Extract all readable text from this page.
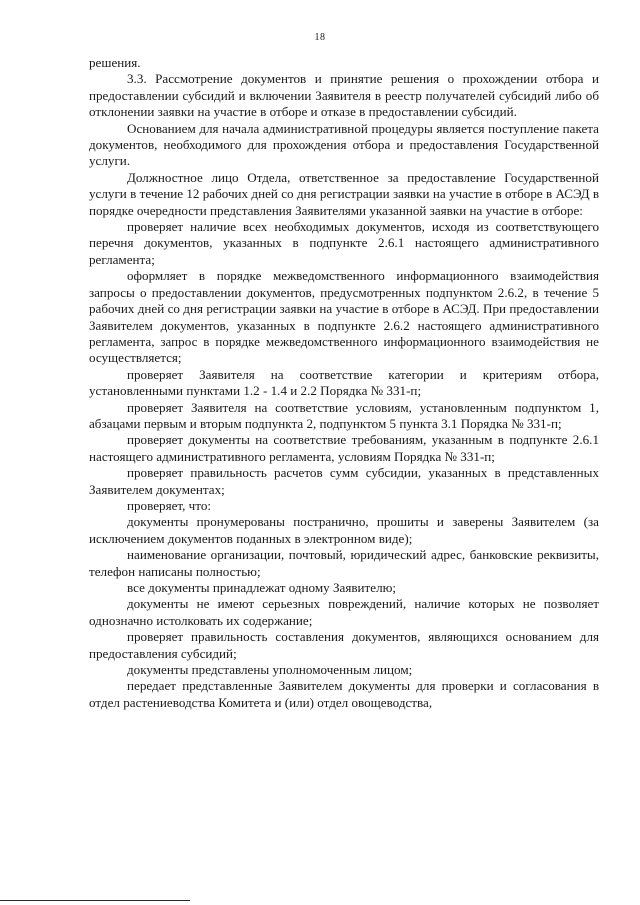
18

решения.

3.3. Рассмотрение документов и принятие решения о прохождении отбора и предоставлении субсидий и включении Заявителя в реестр получателей субсидий либо об отклонении заявки на участие в отборе и отказе в предоставлении субсидий.

Основанием для начала административной процедуры является поступление пакета документов, необходимого для прохождения отбора и предоставления Государственной услуги.

Должностное лицо Отдела, ответственное за предоставление Государственной услуги в течение 12 рабочих дней со дня регистрации заявки на участие в отборе в АСЭД в порядке очередности представления Заявителями указанной заявки на участие в отборе:

проверяет наличие всех необходимых документов, исходя из соответствующего перечня документов, указанных в подпункте 2.6.1 настоящего административного регламента;

оформляет в порядке межведомственного информационного взаимодействия запросы о предоставлении документов, предусмотренных подпунктом 2.6.2, в течение 5 рабочих дней со дня регистрации заявки на участие в отборе в АСЭД. При предоставлении Заявителем документов, указанных в подпункте 2.6.2 настоящего административного регламента, запрос в порядке межведомственного информационного взаимодействия не осуществляется;

проверяет Заявителя на соответствие категории и критериям отбора, установленными пунктами 1.2 - 1.4 и 2.2 Порядка № 331-п;

проверяет Заявителя на соответствие условиям, установленным подпунктом 1, абзацами первым и вторым подпункта 2, подпунктом 5 пункта 3.1 Порядка № 331-п;

проверяет документы на соответствие требованиям, указанным в подпункте 2.6.1 настоящего административного регламента, условиям Порядка № 331-п;

проверяет правильность расчетов сумм субсидии, указанных в представленных Заявителем документах;

проверяет, что:

документы пронумерованы постранично, прошиты и заверены Заявителем (за исключением документов поданных в электронном виде);

наименование организации, почтовый, юридический адрес, банковские реквизиты, телефон написаны полностью;

все документы принадлежат одному Заявителю;

документы не имеют серьезных повреждений, наличие которых не позволяет однозначно истолковать их содержание;

проверяет правильность составления документов, являющихся основанием для предоставления субсидий;

документы представлены уполномоченным лицом;

передает представленные Заявителем документы для проверки и согласования в отдел растениеводства Комитета и (или) отдел овощеводства,
